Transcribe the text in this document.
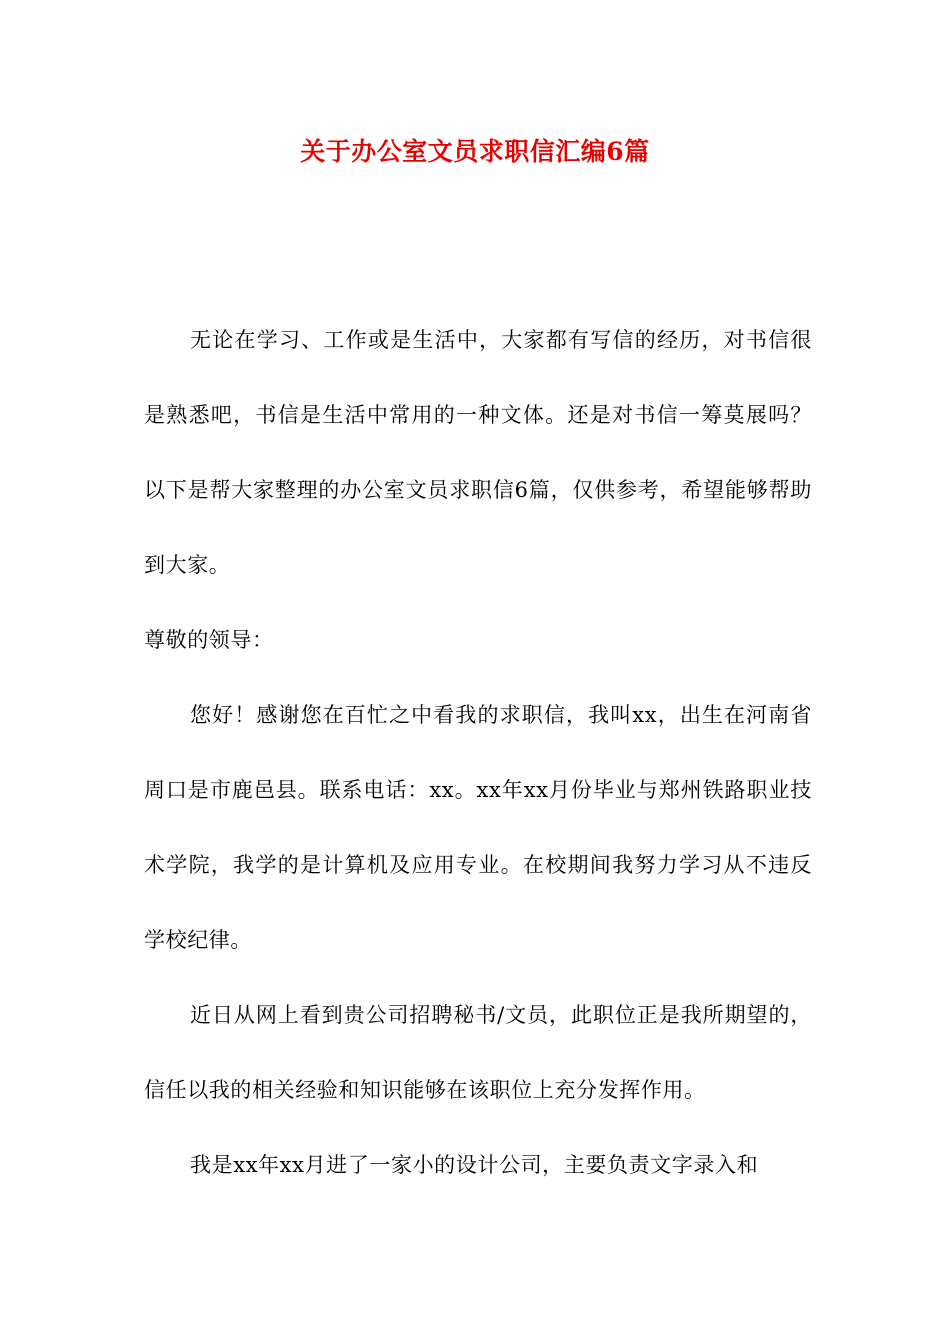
关于办公室文员求职信汇编6篇

无论在学习、工作或是生活中，大家都有写信的经历，对书信很是熟悉吧，书信是生活中常用的一种文体。还是对书信一筹莫展吗？以下是帮大家整理的办公室文员求职信6篇，仅供参考，希望能够帮助到大家。

尊敬的领导：

您好！感谢您在百忙之中看我的求职信，我叫xx，出生在河南省周口是市鹿邑县。联系电话：xx。xx年xx月份毕业与郑州铁路职业技术学院，我学的是计算机及应用专业。在校期间我努力学习从不违反学校纪律。

近日从网上看到贵公司招聘秘书/文员，此职位正是我所期望的，信任以我的相关经验和知识能够在该职位上充分发挥作用。

我是xx年xx月进了一家小的设计公司，主要负责文字录入和
